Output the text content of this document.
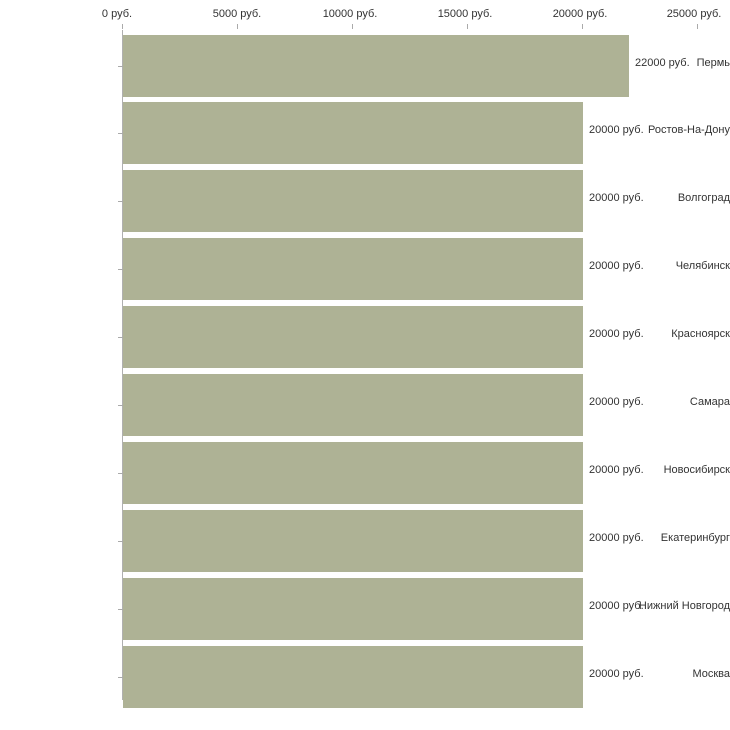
0 руб.	5000 руб.	10000 руб.	15000 руб.	20000 руб.	25000 руб.
Пермь
22000 руб.
Ростов-На-Дону
20000 руб.
Волгоград
20000 руб.
Челябинск
20000 руб.
Красноярск
20000 руб.
Самара
20000 руб.
Новосибирск
20000 руб.
Екатеринбург
20000 руб.
Нижний Новгород
20000 руб.
Москва
20000 руб.
